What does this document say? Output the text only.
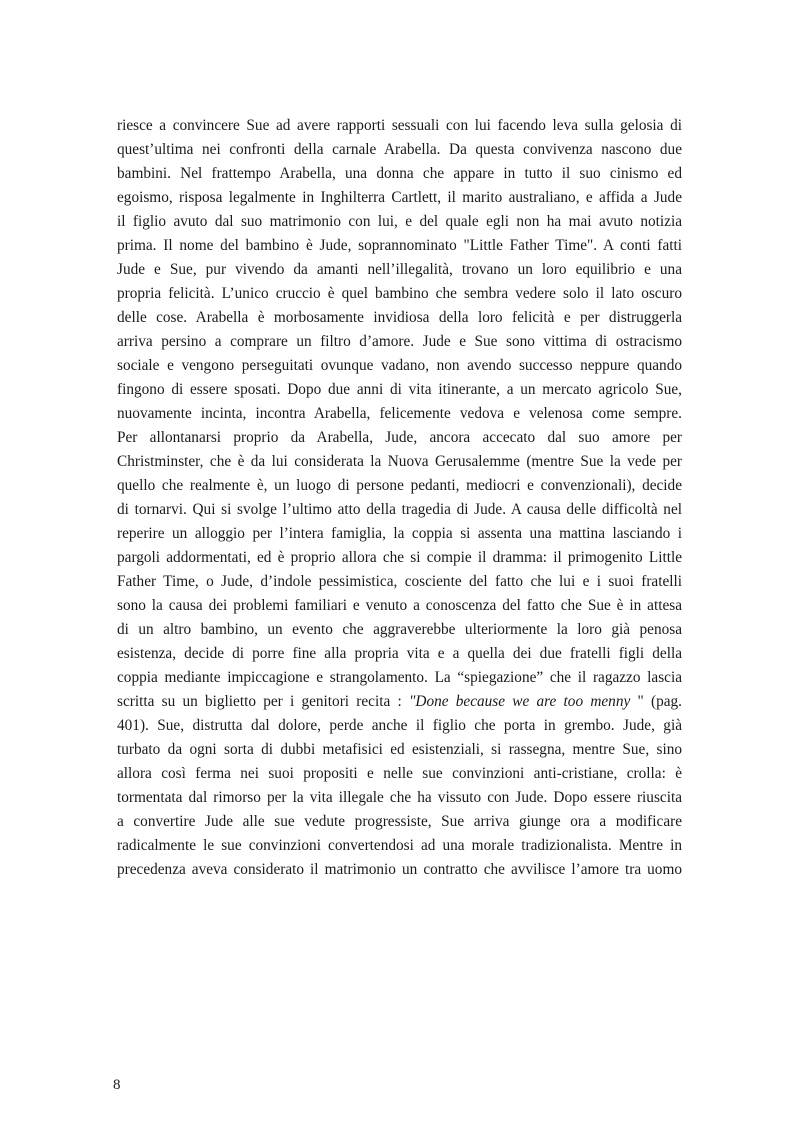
riesce a convincere Sue ad avere rapporti sessuali con lui facendo leva sulla gelosia di
quest’ultima nei confronti della carnale Arabella. Da questa convivenza nascono due
bambini. Nel frattempo Arabella, una donna che appare in tutto il suo cinismo ed
egoismo, risposa legalmente in Inghilterra Cartlett, il marito australiano, e affida a Jude
il figlio avuto dal suo matrimonio con lui, e del quale egli non ha mai avuto notizia
prima. Il nome del bambino è Jude, soprannominato "Little Father Time". A conti fatti
Jude e Sue, pur vivendo da amanti nell’illegalità, trovano un loro equilibrio e una
propria felicità. L’unico cruccio è quel bambino che sembra vedere solo il lato oscuro
delle cose. Arabella è morbosamente invidiosa della loro felicità e per distruggerla
arriva persino a comprare un filtro d’amore. Jude e Sue sono vittima di ostracismo
sociale e vengono perseguitati ovunque vadano, non avendo successo neppure quando
fingono di essere sposati. Dopo due anni di vita itinerante, a un mercato agricolo Sue,
nuovamente incinta, incontra Arabella, felicemente vedova e velenosa come sempre.
Per allontanarsi proprio da Arabella, Jude, ancora accecato dal suo amore per
Christminster, che è da lui considerata la Nuova Gerusalemme (mentre Sue la vede per
quello che realmente è, un luogo di persone pedanti, mediocri e convenzionali), decide
di tornarvi. Qui si svolge l’ultimo atto della tragedia di Jude. A causa delle difficoltà nel
reperire un alloggio per l’intera famiglia, la coppia si assenta una mattina lasciando i
pargoli addormentati, ed è proprio allora che si compie il dramma: il primogenito Little
Father Time, o Jude, d’indole pessimistica, cosciente del fatto che lui e i suoi fratelli
sono la causa dei problemi familiari e venuto a conoscenza del fatto che Sue è in attesa
di un altro bambino, un evento che aggraverebbe ulteriormente la loro già penosa
esistenza, decide di porre fine alla propria vita e a quella dei due fratelli figli della
coppia mediante impiccagione e strangolamento. La “spiegazione” che il ragazzo lascia
scritta su un biglietto per i genitori recita : "Done because we are too menny " (pag.
401). Sue, distrutta dal dolore, perde anche il figlio che porta in grembo. Jude, già
turbato da ogni sorta di dubbi metafisici ed esistenziali, si rassegna, mentre Sue, sino
allora così ferma nei suoi propositi e nelle sue convinzioni anti-cristiane, crolla: è
tormentata dal rimorso per la vita illegale che ha vissuto con Jude. Dopo essere riuscita
a convertire Jude alle sue vedute progressiste, Sue arriva giunge ora a modificare
radicalmente le sue convinzioni convertendosi ad una morale tradizionalista. Mentre in
precedenza aveva considerato il matrimonio un contratto che avvilisce l’amore tra uomo
8
